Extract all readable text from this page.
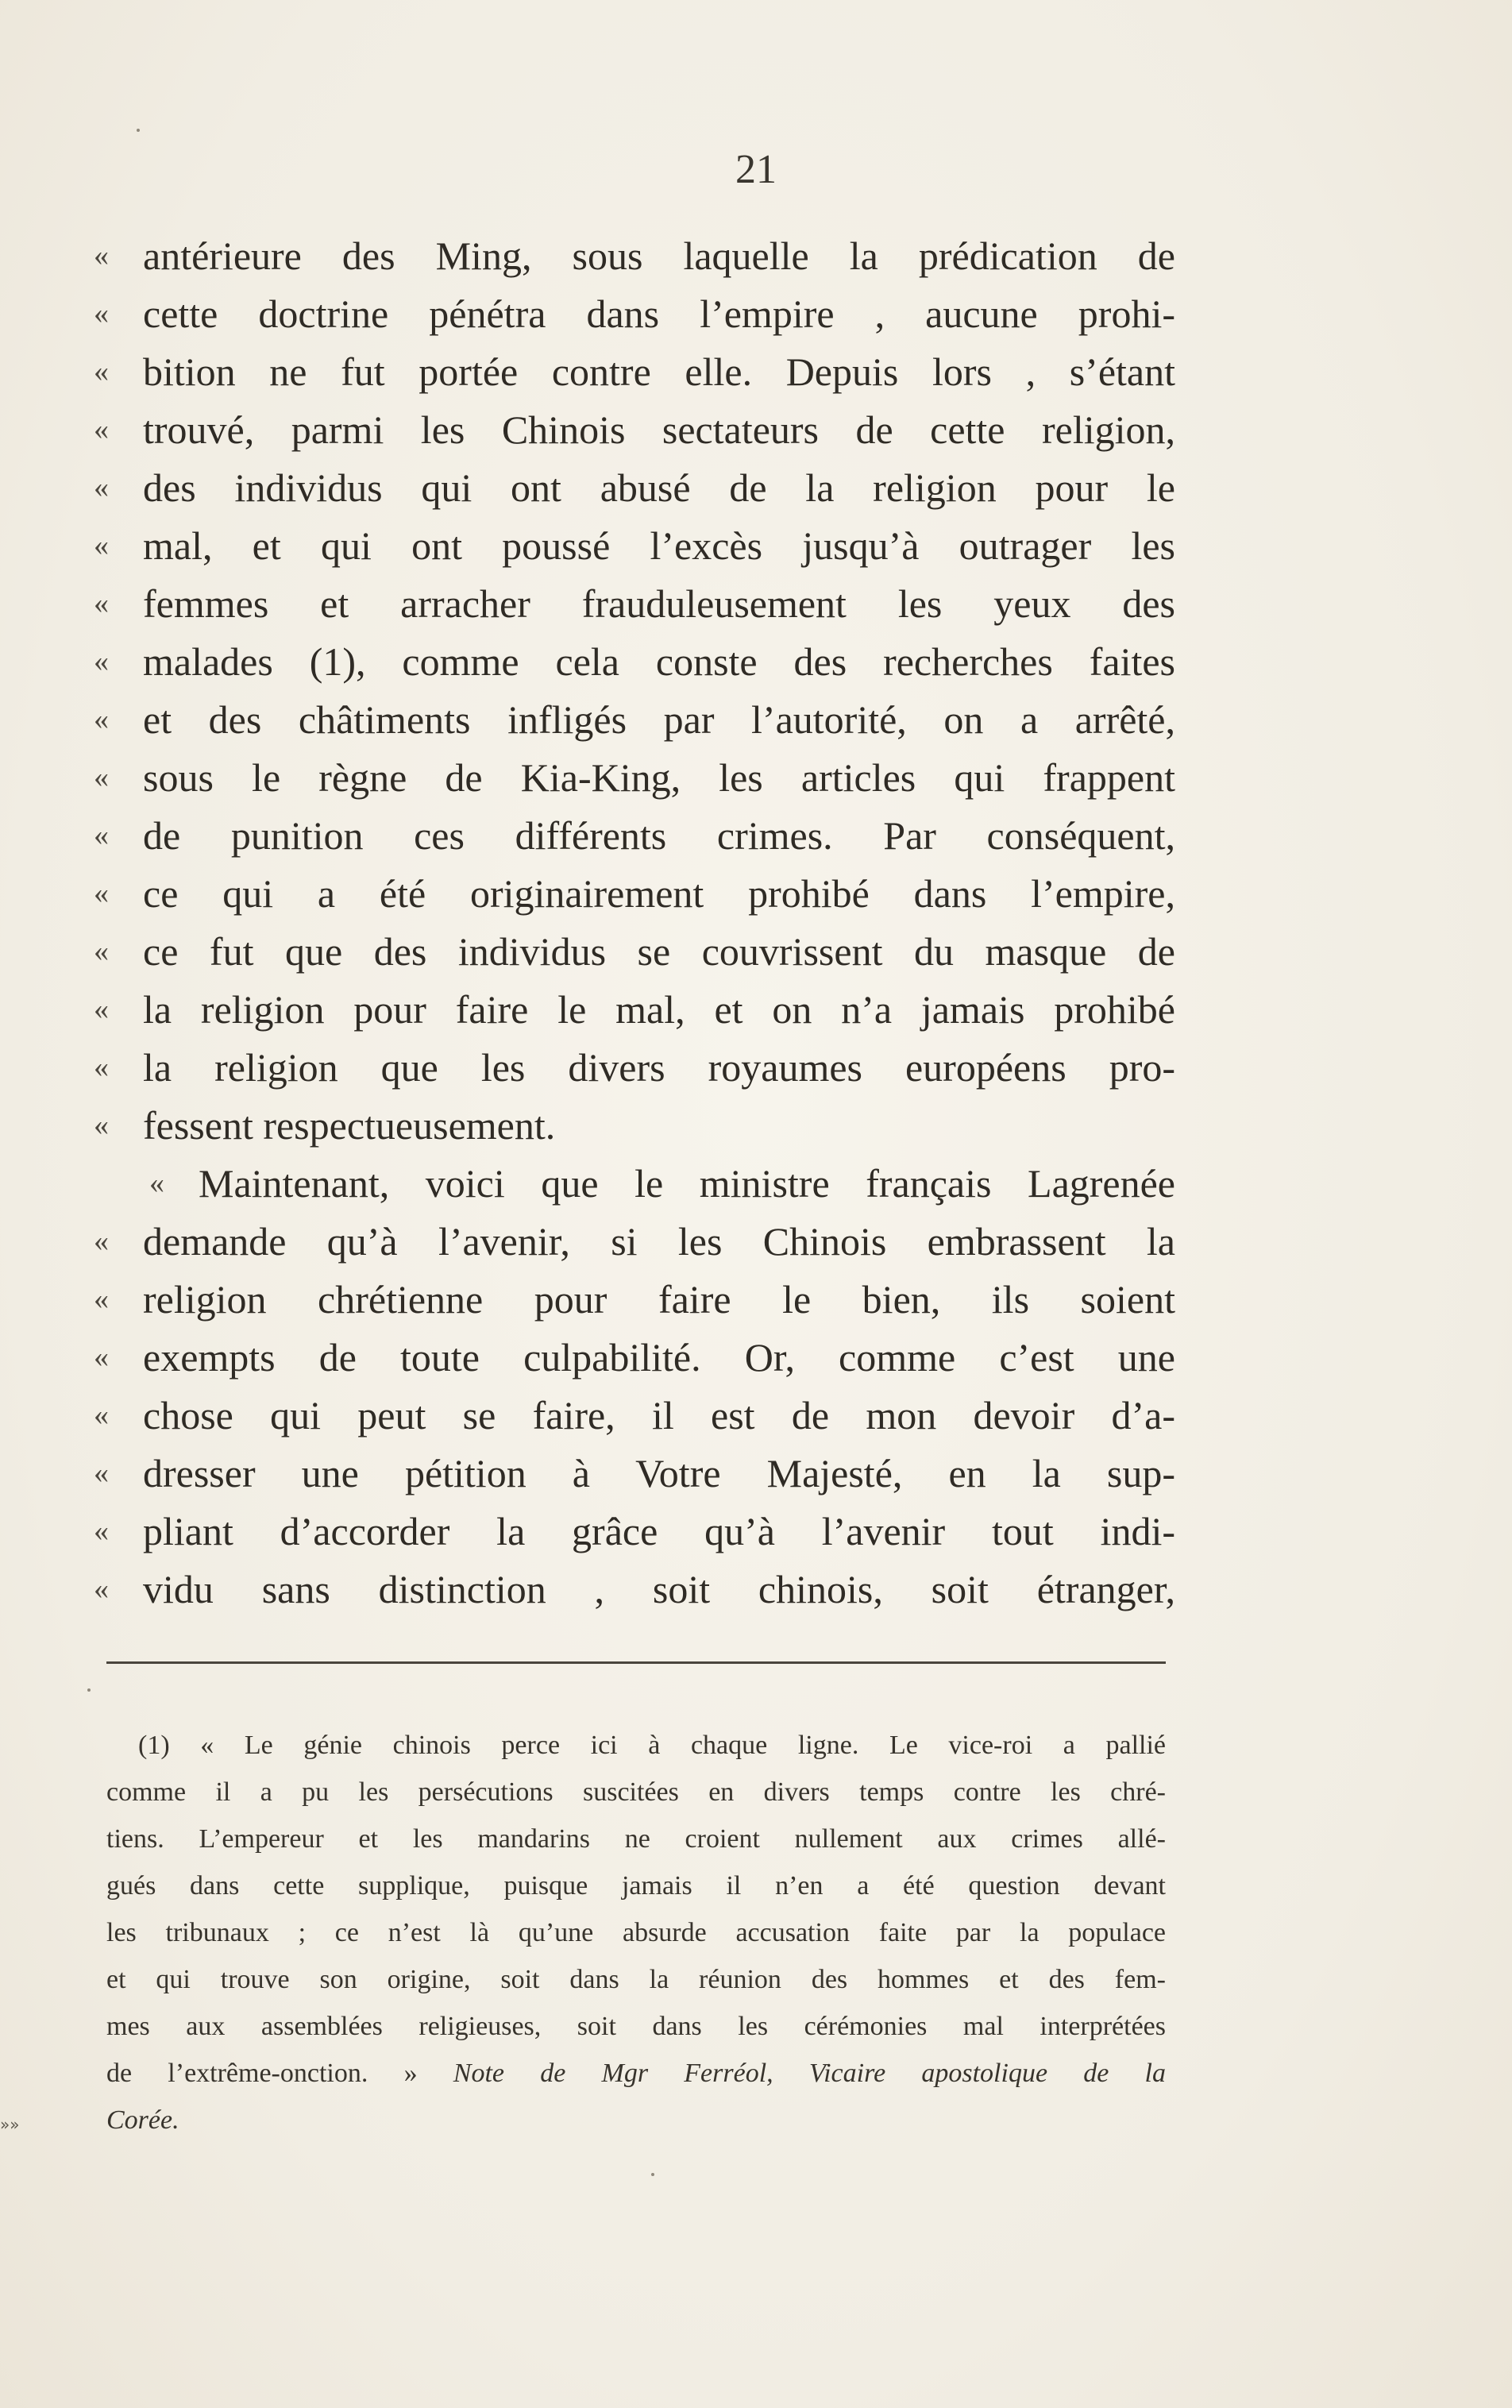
21
« antérieure des Ming, sous laquelle la prédication de
« cette doctrine pénétra dans l’empire , aucune prohi-
« bition ne fut portée contre elle. Depuis lors , s’étant
« trouvé, parmi les Chinois sectateurs de cette religion,
« des individus qui ont abusé de la religion pour le
« mal, et qui ont poussé l’excès jusqu’à outrager les
« femmes et arracher frauduleusement les yeux des
« malades (1), comme cela conste des recherches faites
« et des châtiments infligés par l’autorité, on a arrêté,
« sous le règne de Kia-King, les articles qui frappent
« de punition ces différents crimes. Par conséquent,
« ce qui a été originairement prohibé dans l’empire,
« ce fut que des individus se couvrissent du masque de
« la religion pour faire le mal, et on n’a jamais prohibé
« la religion que les divers royaumes européens pro-
« fessent respectueusement.
« Maintenant, voici que le ministre français Lagrenée
« demande qu’à l’avenir, si les Chinois embrassent la
« religion chrétienne pour faire le bien, ils soient
« exempts de toute culpabilité. Or, comme c’est une
« chose qui peut se faire, il est de mon devoir d’a-
« dresser une pétition à Votre Majesté, en la sup-
« pliant d’accorder la grâce qu’à l’avenir tout indi-
« vidu sans distinction , soit chinois, soit étranger,
(1) « Le génie chinois perce ici à chaque ligne. Le vice-roi a pallié
comme il a pu les persécutions suscitées en divers temps contre les chré-
tiens. L’empereur et les mandarins ne croient nullement aux crimes allé-
gués dans cette supplique, puisque jamais il n’en a été question devant
les tribunaux ; ce n’est là qu’une absurde accusation faite par la populace
et qui trouve son origine, soit dans la réunion des hommes et des fem-
mes aux assemblées religieuses, soit dans les cérémonies mal interprétées
de l’extrême-onction. » Note de Mgr Ferréol, Vicaire apostolique de la
Corée.
»»
